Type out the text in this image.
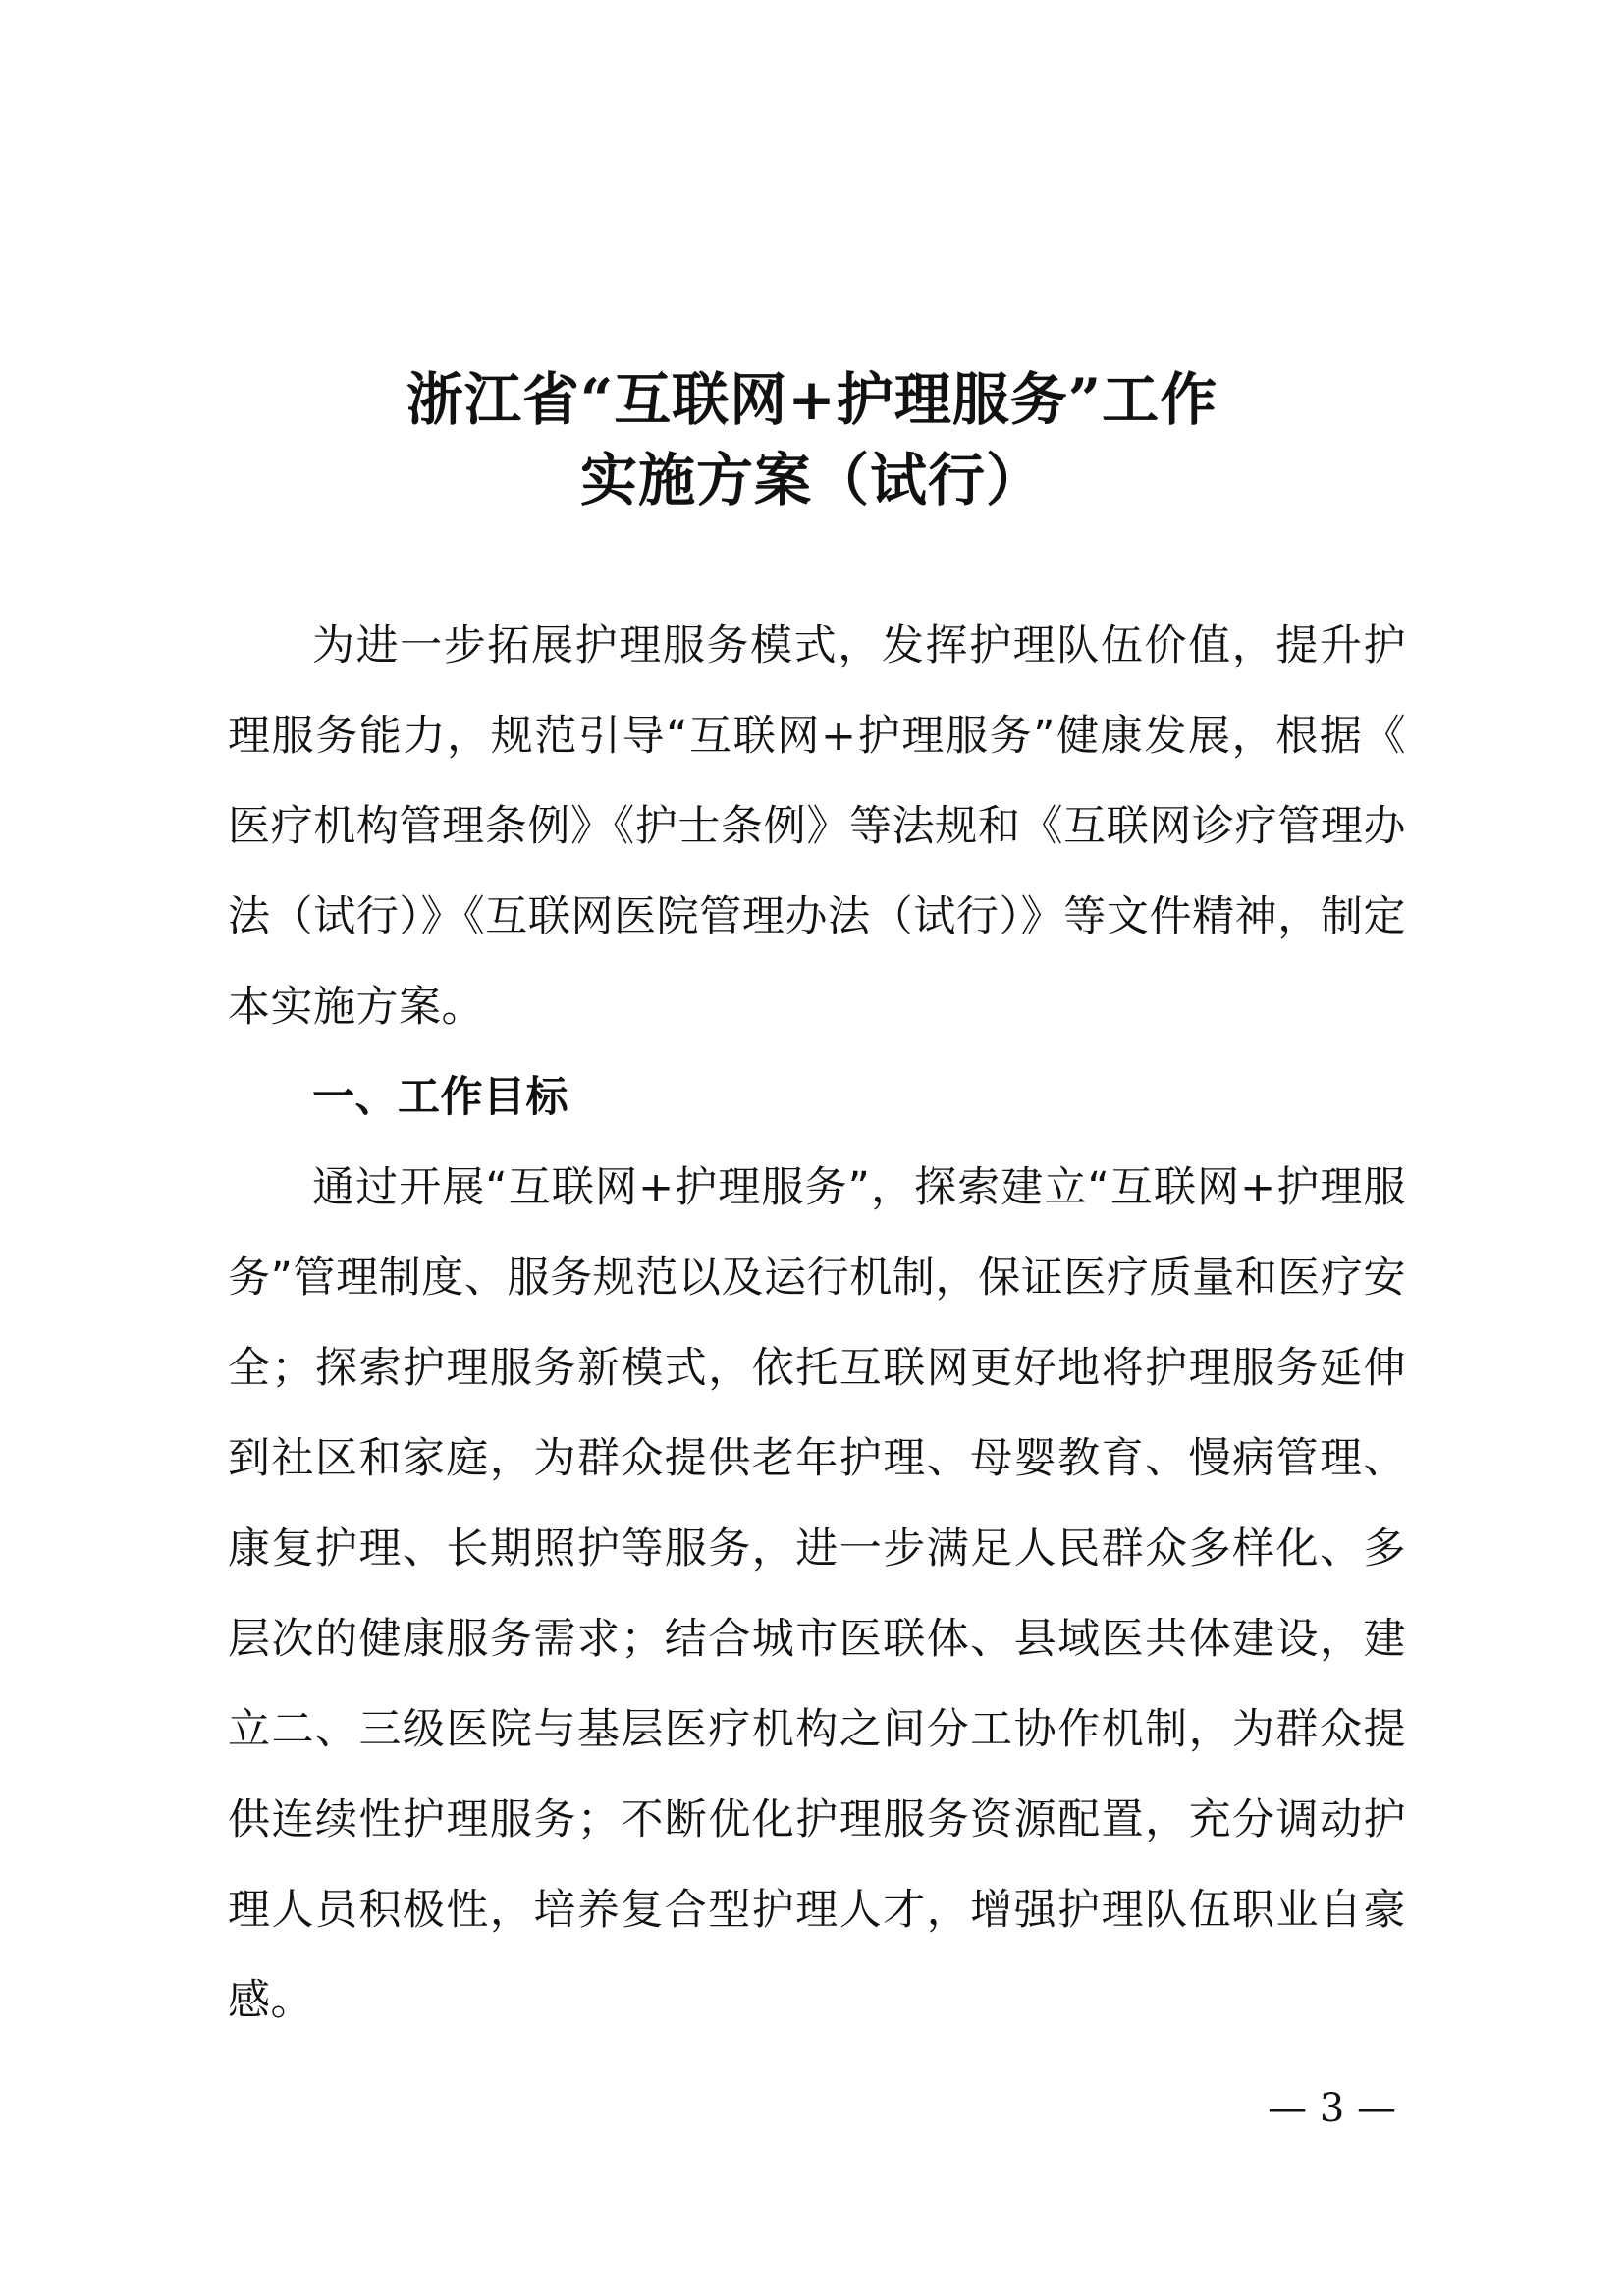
浙江省“互联网+护理服务”工作
实施方案（试行）

为进一步拓展护理服务模式，发挥护理队伍价值，提升护理服务能力，规范引导“互联网+护理服务”健康发展，根据《医疗机构管理条例》《护士条例》等法规和《互联网诊疗管理办法（试行）》《互联网医院管理办法（试行）》等文件精神，制定本实施方案。

一、工作目标

通过开展“互联网+护理服务”，探索建立“互联网+护理服务”管理制度、服务规范以及运行机制，保证医疗质量和医疗安全；探索护理服务新模式，依托互联网更好地将护理服务延伸到社区和家庭，为群众提供老年护理、母婴教育、慢病管理、康复护理、长期照护等服务，进一步满足人民群众多样化、多层次的健康服务需求；结合城市医联体、县域医共体建设，建立二、三级医院与基层医疗机构之间分工协作机制，为群众提供连续性护理服务；不断优化护理服务资源配置，充分调动护理人员积极性，培养复合型护理人才，增强护理队伍职业自豪感。

— 3 —
